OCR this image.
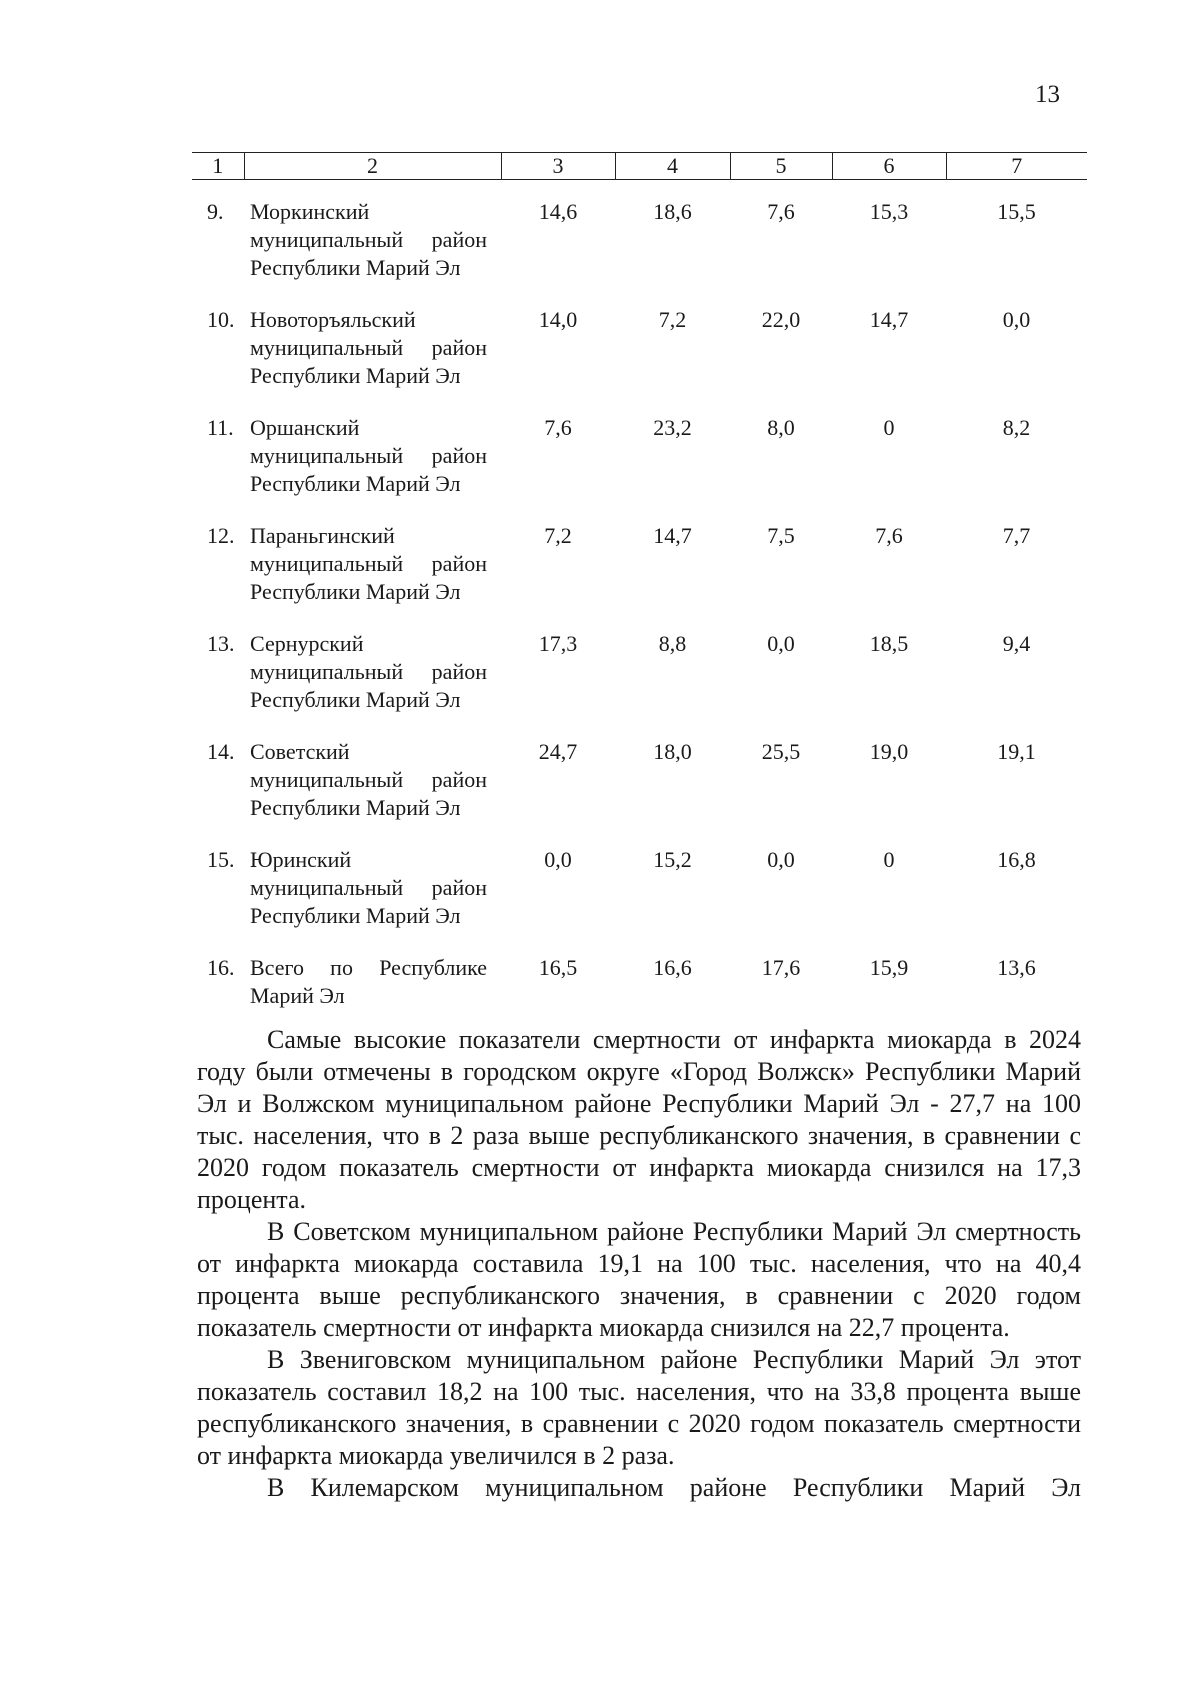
13
1	2	3	4	5	6	7
9.	Моркинский муниципальный район Республики Марий Эл	14,6	18,6	7,6	15,3	15,5
10.	Новоторъяльский муниципальный район Республики Марий Эл	14,0	7,2	22,0	14,7	0,0
11.	Оршанский муниципальный район Республики Марий Эл	7,6	23,2	8,0	0	8,2
12.	Параньгинский муниципальный район Республики Марий Эл	7,2	14,7	7,5	7,6	7,7
13.	Сернурский муниципальный район Республики Марий Эл	17,3	8,8	0,0	18,5	9,4
14.	Советский муниципальный район Республики Марий Эл	24,7	18,0	25,5	19,0	19,1
15.	Юринский муниципальный район Республики Марий Эл	0,0	15,2	0,0	0	16,8
16.	Всего по Республике Марий Эл	16,5	16,6	17,6	15,9	13,6

Самые высокие показатели смертности от инфаркта миокарда в 2024 году были отмечены в городском округе «Город Волжск» Республики Марий Эл и Волжском муниципальном районе Республики Марий Эл - 27,7 на 100 тыс. населения, что в 2 раза выше республиканского значения, в сравнении с 2020 годом показатель смертности от инфаркта миокарда снизился на 17,3 процента.

В Советском муниципальном районе Республики Марий Эл смертность от инфаркта миокарда составила 19,1 на 100 тыс. населения, что на 40,4 процента выше республиканского значения, в сравнении с 2020 годом показатель смертности от инфаркта миокарда снизился на 22,7 процента.

В Звениговском муниципальном районе Республики Марий Эл этот показатель составил 18,2 на 100 тыс. населения, что на 33,8 процента выше республиканского значения, в сравнении с 2020 годом показатель смертности от инфаркта миокарда увеличился в 2 раза.

В Килемарском муниципальном районе Республики Марий Эл
